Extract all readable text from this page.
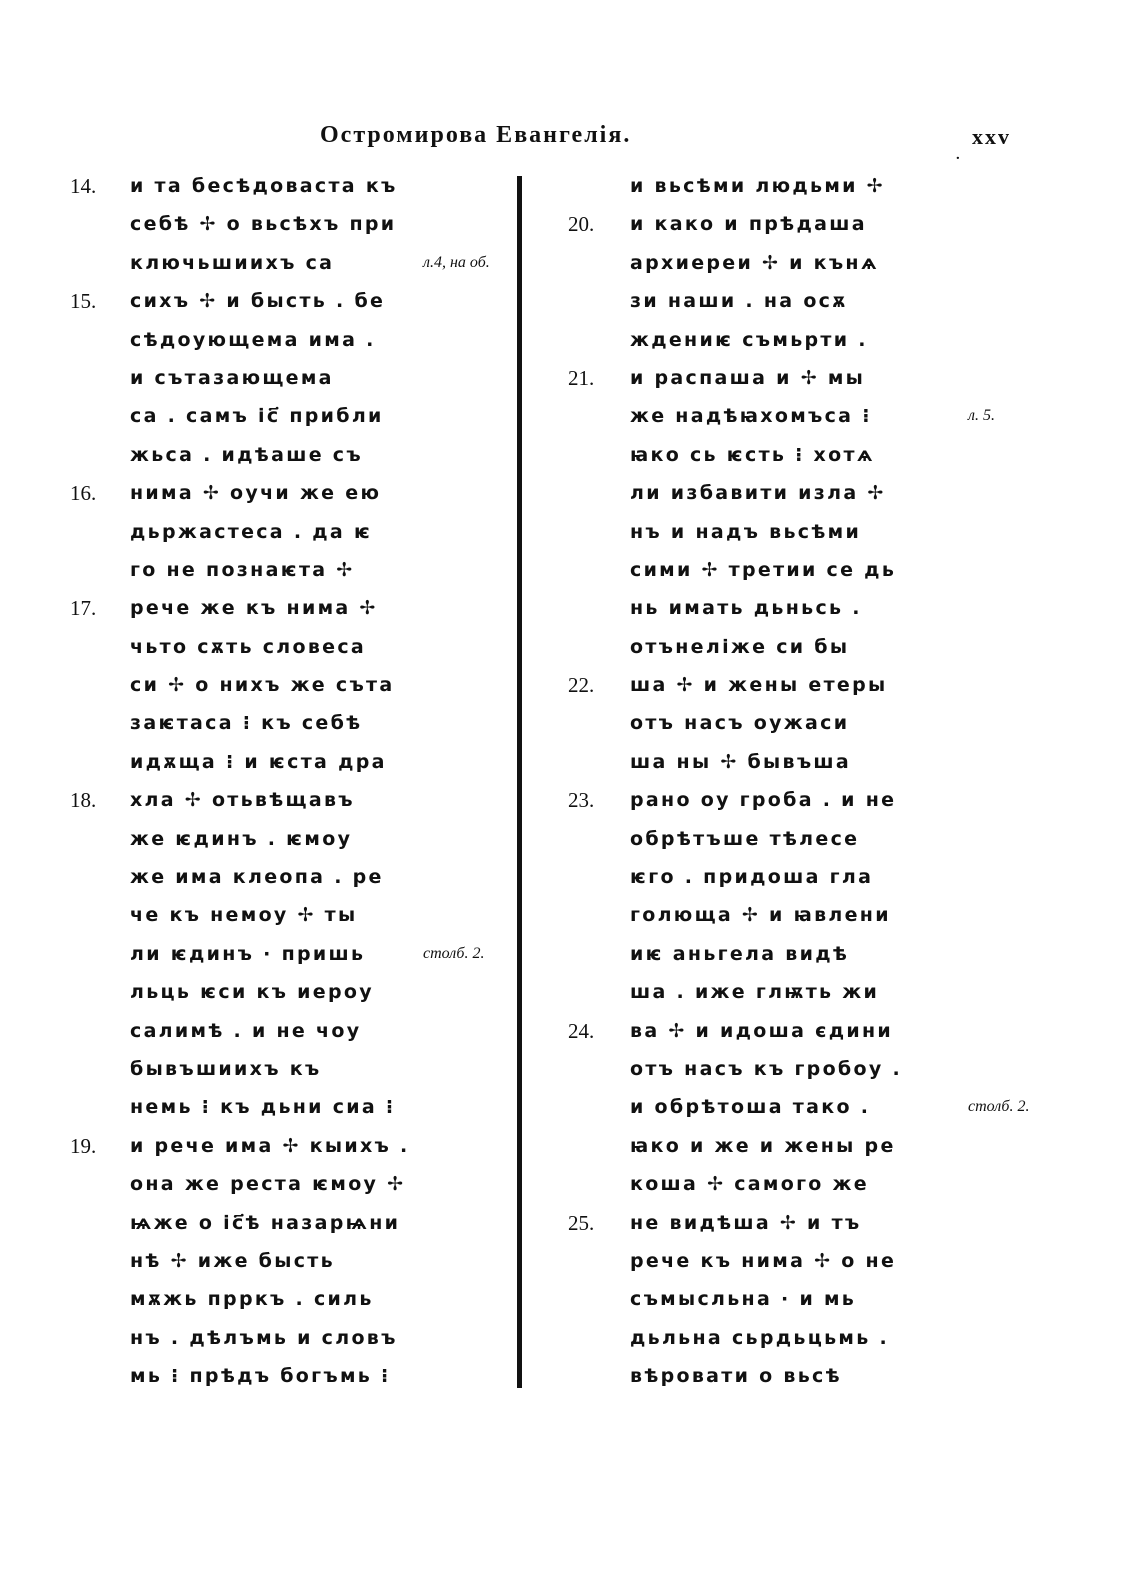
Остромирова Евангелія.	xxv
·
14.	и та бесѣдоваста къ
себѣ ✢ о вьсѣхъ при
ключьшиихъ са	л.4, на об.
15.	сихъ ✢ и бысть . бе
сѣдоующема има .
и сътазающема
са . самъ іс҃ прибли
жьса . идѣаше съ
16.	нима ✢ оучи же ею
дьржастеса . да ѥ
го не познаѥта ✢
17.	рече же къ нима ✢
чьто сѫть словеса
си ✢ о нихъ же съта
заѥтаса ⁝ къ себѣ
идѫща ⁝ и ѥста дра
18.	хла ✢ отьвѣщавъ
же ѥдинъ . ѥмоу
же има клеопа . ре
че къ немоу ✢ ты
ли ѥдинъ · пришь	столб. 2.
льць ѥси къ иероу
салимѣ . и не чоу
бывъшиихъ къ
немь ⁝ къ дьни сиа ⁝
19.	и рече има ✢ кыихъ .
она же реста ѥмоу ✢
ѩже о іс҃ѣ назарѩни
нѣ ✢ иже бысть
мѫжь прркъ . силь
нъ . дѣлъмь и словъ
мь ⁝ прѣдъ богъмь ⁝
и вьсѣми людьми ✢
20.	и како и прѣдаша
архиереи ✢ и кънѧ
зи наши . на осѫ
ждениѥ съмьрти .
21.	и распаша и ✢ мы
же надѣꙗхомъса ⁝	л. 5.
ꙗко сь ѥсть ⁝ хотѧ
ли избавити изла ✢
нъ и надъ вьсѣми
сими ✢ третии се дь
нь имать дьньсь .
отънеліже си бы
22.	ша ✢ и жены етеры
отъ насъ оужаси
ша ны ✢ бывъша
23.	рано оу гроба . и не
обрѣтъше тѣлесе
ѥго . придоша гла
голюща ✢ и ꙗвлени
иѥ аньгела видѣ
ша . иже глѭть жи
24.	ва ✢ и идоша єдини
отъ насъ къ гробоу .
и обрѣтоша тако .	столб. 2.
ꙗко и же и жены ре
коша ✢ самого же
25.	не видѣша ✢ и тъ
рече къ нима ✢ о не
съмысльна · и мь
дьльна сьрдьцьмь .
вѣровати о вьсѣ
